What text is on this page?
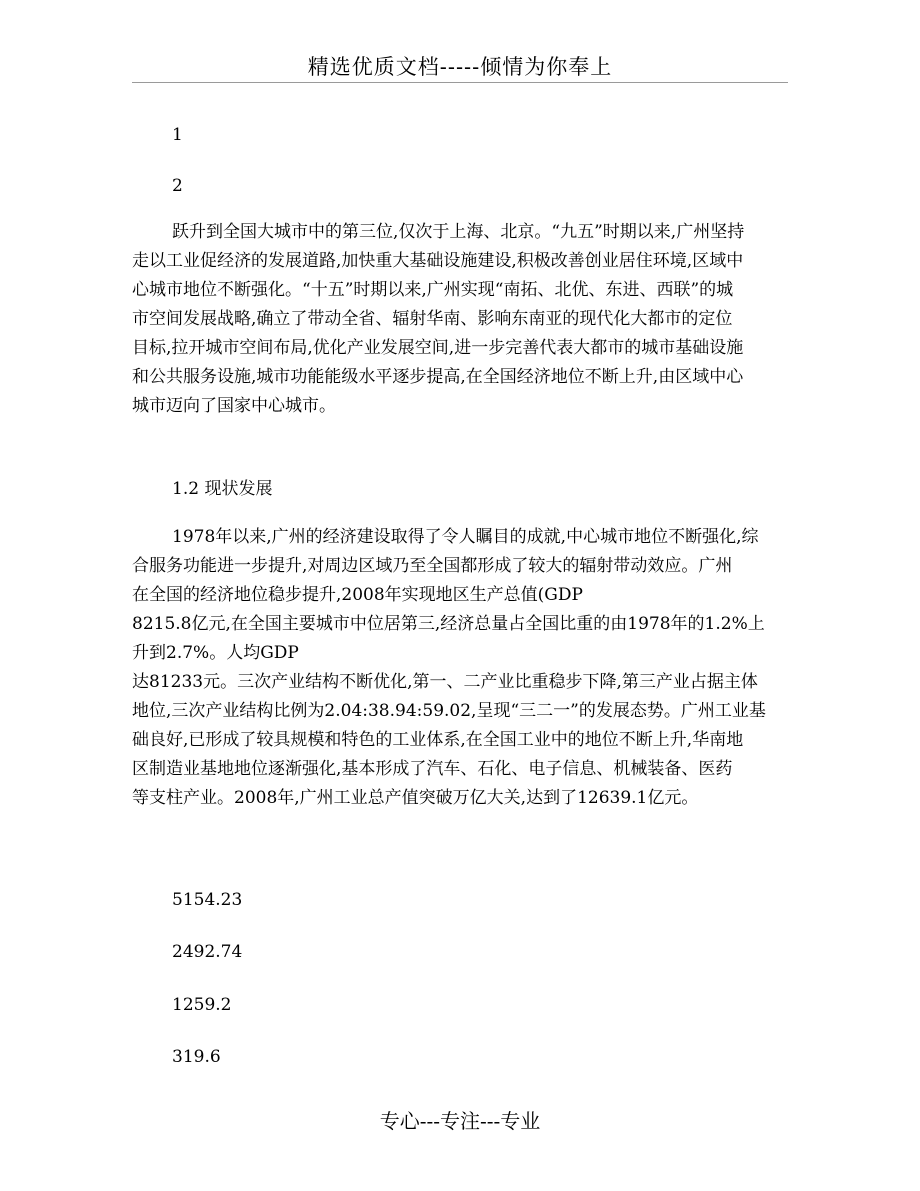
精选优质文档-----倾情为你奉上
1
2
跃升到全国大城市中的第三位,仅次于上海、北京。“九五”时期以来,广州坚持
走以工业促经济的发展道路,加快重大基础设施建设,积极改善创业居住环境,区域中
心城市地位不断强化。“十五”时期以来,广州实现“南拓、北优、东进、西联”的城
市空间发展战略,确立了带动全省、辐射华南、影响东南亚的现代化大都市的定位
目标,拉开城市空间布局,优化产业发展空间,进一步完善代表大都市的城市基础设施
和公共服务设施,城市功能能级水平逐步提高,在全国经济地位不断上升,由区域中心
城市迈向了国家中心城市。
1.2 现状发展
1978年以来,广州的经济建设取得了令人瞩目的成就,中心城市地位不断强化,综
合服务功能进一步提升,对周边区域乃至全国都形成了较大的辐射带动效应。广州
在全国的经济地位稳步提升,2008年实现地区生产总值(GDP
8215.8亿元,在全国主要城市中位居第三,经济总量占全国比重的由1978年的1.2%上
升到2.7%。人均GDP
达81233元。三次产业结构不断优化,第一、二产业比重稳步下降,第三产业占据主体
地位,三次产业结构比例为2.04:38.94:59.02,呈现“三二一”的发展态势。广州工业基
础良好,已形成了较具规模和特色的工业体系,在全国工业中的地位不断上升,华南地
区制造业基地地位逐渐强化,基本形成了汽车、石化、电子信息、机械装备、医药
等支柱产业。2008年,广州工业总产值突破万亿大关,达到了12639.1亿元。
5154.23
2492.74
1259.2
319.6
专心---专注---专业
